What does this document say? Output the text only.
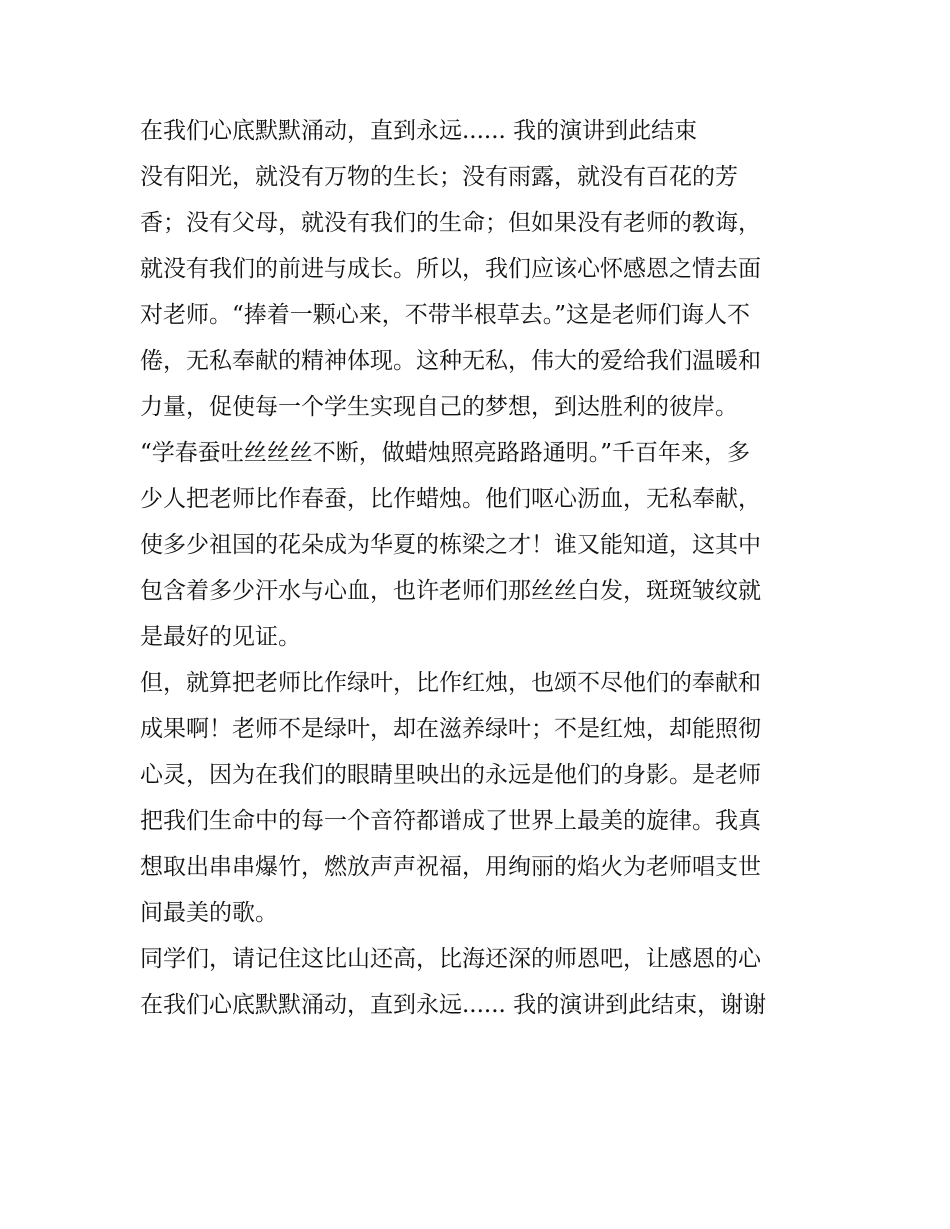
在我们心底默默涌动，直到永远...... 我的演讲到此结束
没有阳光，就没有万物的生长；没有雨露，就没有百花的芳
香；没有父母，就没有我们的生命；但如果没有老师的教诲，
就没有我们的前进与成长。所以，我们应该心怀感恩之情去面
对老师。“捧着一颗心来，不带半根草去。”这是老师们诲人不
倦，无私奉献的精神体现。这种无私，伟大的爱给我们温暖和
力量，促使每一个学生实现自己的梦想，到达胜利的彼岸。
“学春蚕吐丝丝丝不断，做蜡烛照亮路路通明。”千百年来，多
少人把老师比作春蚕，比作蜡烛。他们呕心沥血，无私奉献，
使多少祖国的花朵成为华夏的栋梁之才！谁又能知道，这其中
包含着多少汗水与心血，也许老师们那丝丝白发，斑斑皱纹就
是最好的见证。
但，就算把老师比作绿叶，比作红烛，也颂不尽他们的奉献和
成果啊！老师不是绿叶，却在滋养绿叶；不是红烛，却能照彻
心灵，因为在我们的眼睛里映出的永远是他们的身影。是老师
把我们生命中的每一个音符都谱成了世界上最美的旋律。我真
想取出串串爆竹，燃放声声祝福，用绚丽的焰火为老师唱支世
间最美的歌。
同学们，请记住这比山还高，比海还深的师恩吧，让感恩的心
在我们心底默默涌动，直到永远...... 我的演讲到此结束，谢谢
